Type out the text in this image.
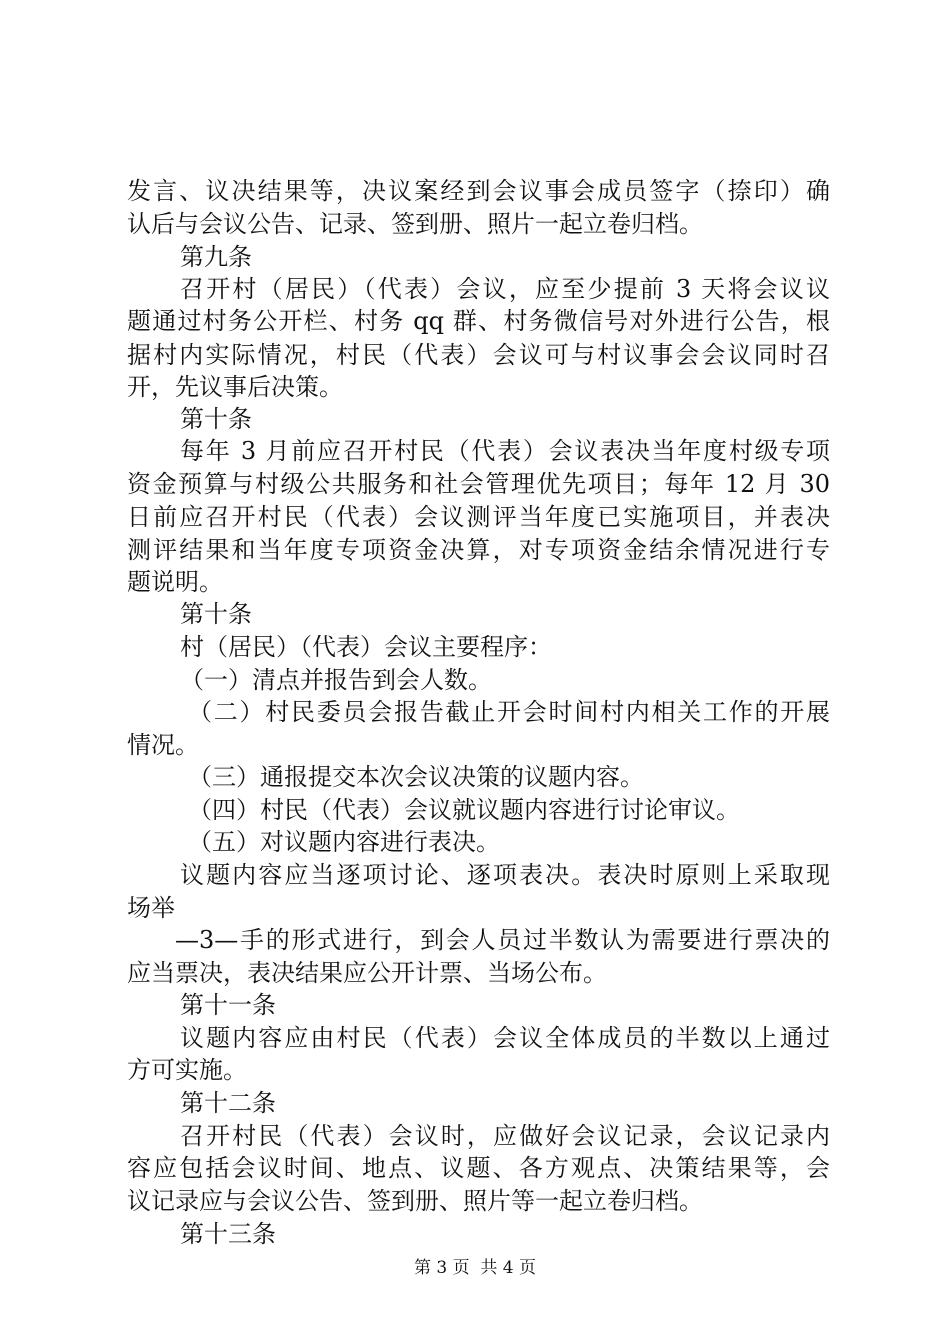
发言、议决结果等，决议案经到会议事会成员签字（捺印）确
认后与会议公告、记录、签到册、照片一起立卷归档。
第九条
召开村（居民）（代表）会议，应至少提前 3 天将会议议
题通过村务公开栏、村务 qq 群、村务微信号对外进行公告，根
据村内实际情况，村民（代表）会议可与村议事会会议同时召
开，先议事后决策。
第十条
每年 3 月前应召开村民（代表）会议表决当年度村级专项
资金预算与村级公共服务和社会管理优先项目；每年 12 月 30
日前应召开村民（代表）会议测评当年度已实施项目，并表决
测评结果和当年度专项资金决算，对专项资金结余情况进行专
题说明。
第十条
村（居民）（代表）会议主要程序：
（一）清点并报告到会人数。
（二）村民委员会报告截止开会时间村内相关工作的开展
情况。
（三）通报提交本次会议决策的议题内容。
（四）村民（代表）会议就议题内容进行讨论审议。
（五）对议题内容进行表决。
议题内容应当逐项讨论、逐项表决。表决时原则上采取现
场举
—3—手的形式进行，到会人员过半数认为需要进行票决的
应当票决，表决结果应公开计票、当场公布。
第十一条
议题内容应由村民（代表）会议全体成员的半数以上通过
方可实施。
第十二条
召开村民（代表）会议时，应做好会议记录，会议记录内
容应包括会议时间、地点、议题、各方观点、决策结果等，会
议记录应与会议公告、签到册、照片等一起立卷归档。
第十三条
第 3 页  共 4 页
